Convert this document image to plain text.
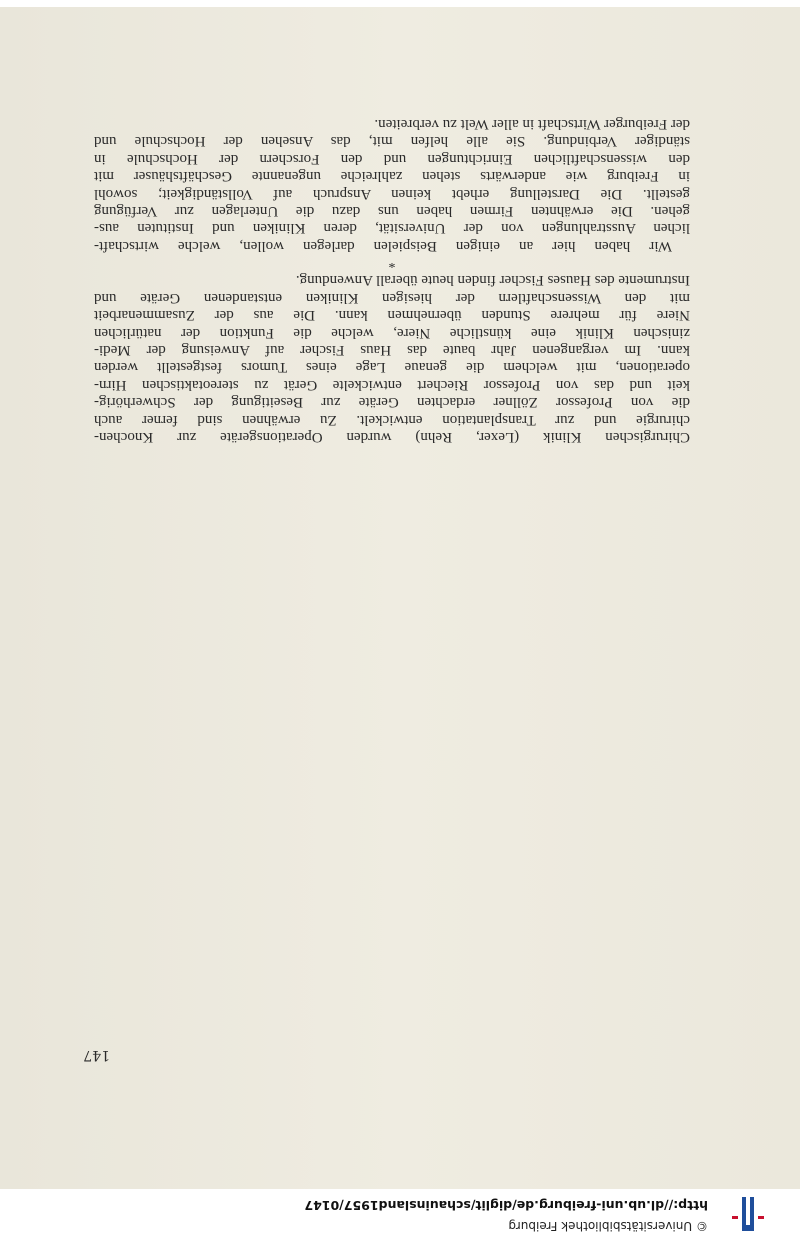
© Universitätsbibliothek Freiburg
http://dl.ub.uni-freiburg.de/diglit/schauinsland1957/0147
147
Chirurgischen Klinik (Lexer, Rehn) wurden Operationsgeräte zur Knochen-
chirurgie und zur Transplantation entwickelt. Zu erwähnen sind ferner auch
die von Professor Zöllner erdachten Geräte zur Beseitigung der Schwerhörig-
keit und das von Professor Riechert entwickelte Gerät zu stereotaktischen Hirn-
operationen, mit welchem die genaue Lage eines Tumors festgestellt werden
kann. Im vergangenen Jahr baute das Haus Fischer auf Anweisung der Medi-
zinischen Klinik eine künstliche Niere, welche die Funktion der natürlichen
Niere für mehrere Stunden übernehmen kann. Die aus der Zusammenarbeit
mit den Wissenschaftlern der hiesigen Kliniken entstandenen Geräte und
Instrumente des Hauses Fischer finden heute überall Anwendung.
*
Wir haben hier an einigen Beispielen darlegen wollen, welche wirtschaft-
lichen Ausstrahlungen von der Universität, deren Kliniken und Instituten aus-
gehen. Die erwähnten Firmen haben uns dazu die Unterlagen zur Verfügung
gestellt. Die Darstellung erhebt keinen Anspruch auf Vollständigkeit; sowohl
in Freiburg wie anderwärts stehen zahlreiche ungenannte Geschäftshäuser mit
den wissenschaftlichen Einrichtungen und den Forschern der Hochschule in
ständiger Verbindung. Sie alle helfen mit, das Ansehen der Hochschule und
der Freiburger Wirtschaft in aller Welt zu verbreiten.
